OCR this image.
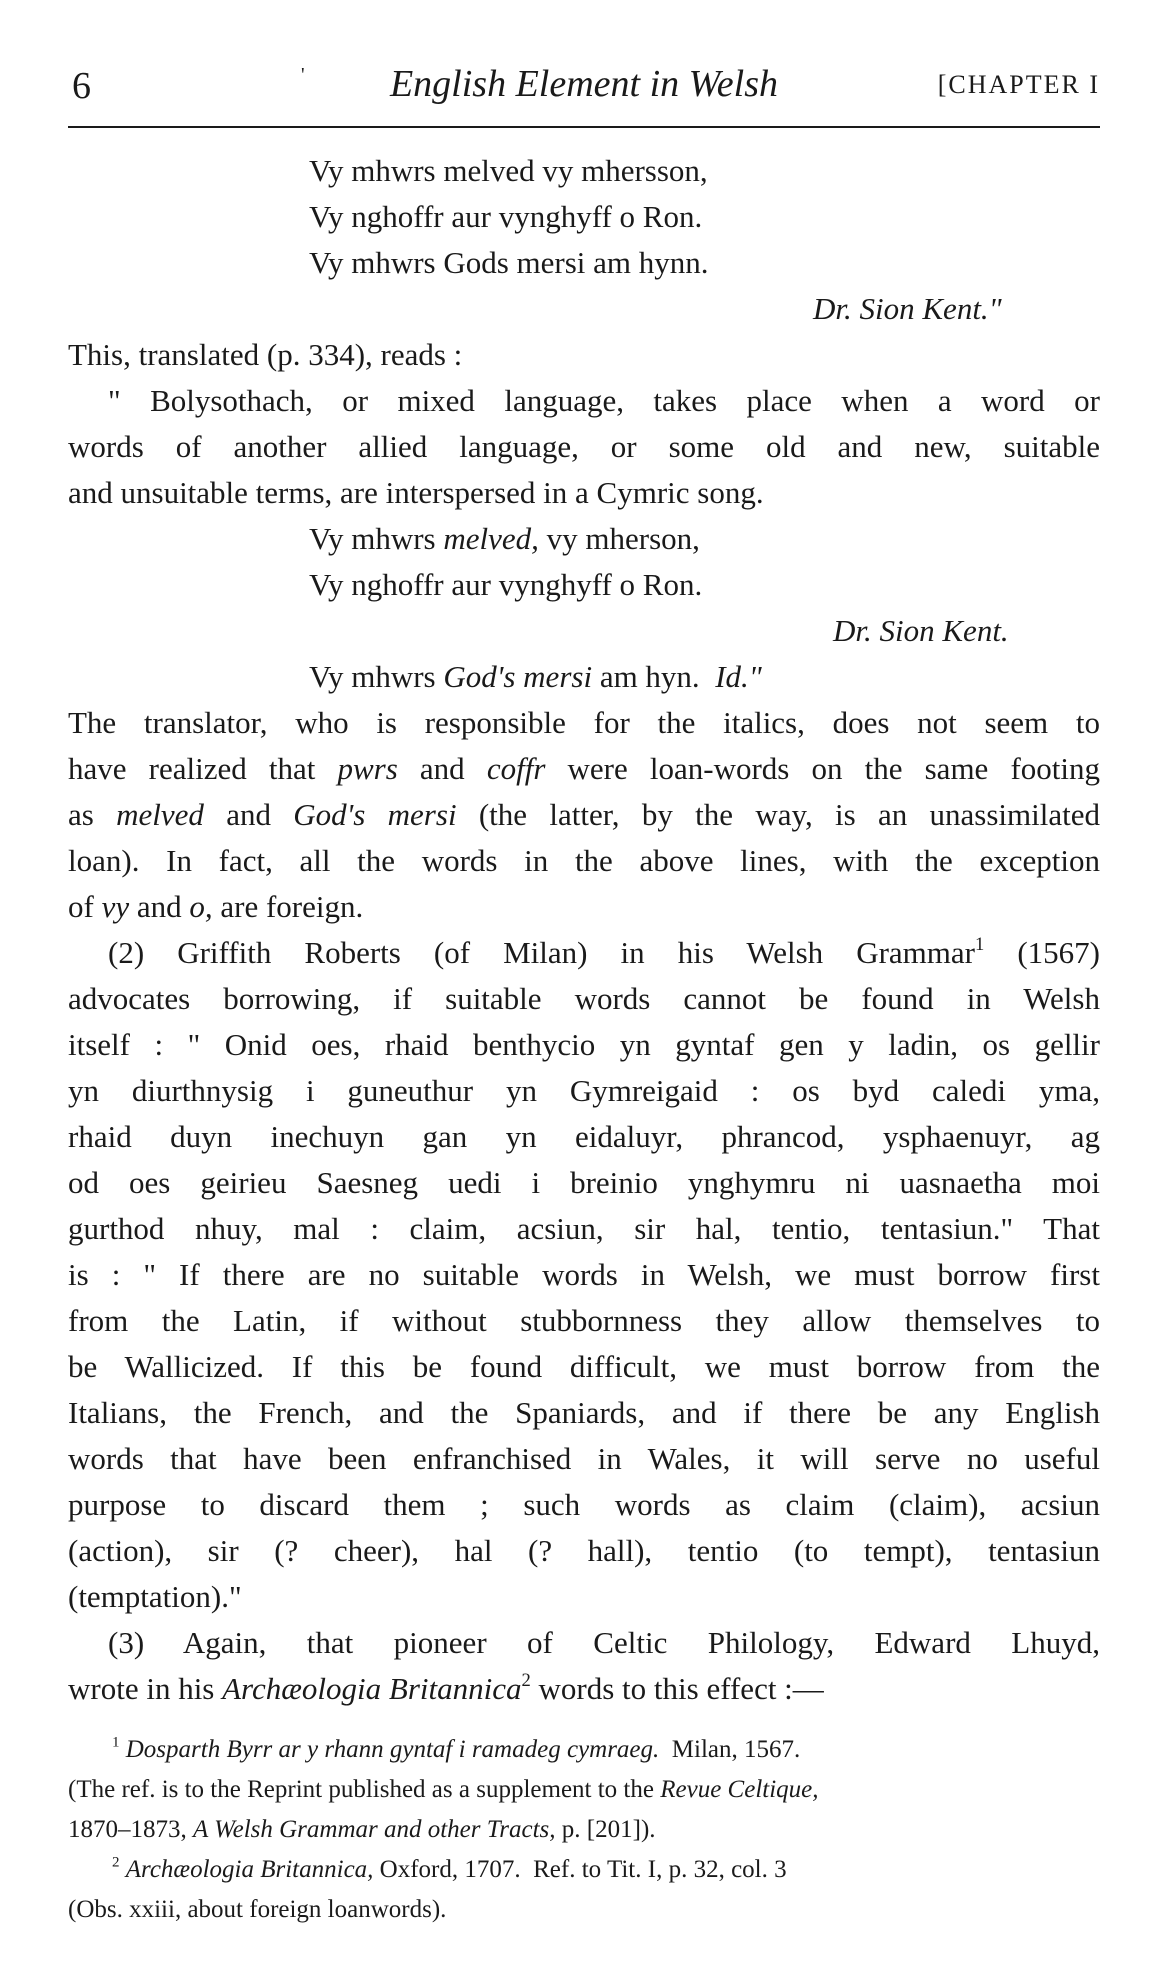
6	'	English Element in Welsh	[CHAPTER I
Vy mhwrs melved vy mhersson,
Vy nghoffr aur vynghyff o Ron.
Vy mhwrs Gods mersi am hynn.
Dr. Sion Kent."
This, translated (p. 334), reads :
" Bolysothach, or mixed language, takes place when a word or
words of another allied language, or some old and new, suitable
and unsuitable terms, are interspersed in a Cymric song.
Vy mhwrs melved, vy mherson,
Vy nghoffr aur vynghyff o Ron.
Dr. Sion Kent.
Vy mhwrs God's mersi am hyn.  Id."
The translator, who is responsible for the italics, does not seem to
have realized that pwrs and coffr were loan-words on the same footing
as melved and God's mersi (the latter, by the way, is an unassimilated
loan). In fact, all the words in the above lines, with the exception
of vy and o, are foreign.
(2) Griffith Roberts (of Milan) in his Welsh Grammar$^1$ (1567)
advocates borrowing, if suitable words cannot be found in Welsh
itself : " Onid oes, rhaid benthycio yn gyntaf gen y ladin, os gellir
yn diurthnysig i guneuthur yn Gymreigaid : os byd caledi yma,
rhaid duyn inechuyn gan yn eidaluyr, phrancod, ysphaenuyr, ag
od oes geirieu Saesneg uedi i breinio ynghymru ni uasnaetha moi
gurthod nhuy, mal : claim, acsiun, sir hal, tentio, tentasiun." That
is : " If there are no suitable words in Welsh, we must borrow first
from the Latin, if without stubbornness they allow themselves to
be Wallicized. If this be found difficult, we must borrow from the
Italians, the French, and the Spaniards, and if there be any English
words that have been enfranchised in Wales, it will serve no useful
purpose to discard them ; such words as claim (claim), acsiun
(action), sir (? cheer), hal (? hall), tentio (to tempt), tentasiun
(temptation)."
(3) Again, that pioneer of Celtic Philology, Edward Lhuyd,
wrote in his Archæologia Britannica$^2$ words to this effect :—
$^1$ Dosparth Byrr ar y rhann gyntaf i ramadeg cymraeg.  Milan, 1567.
(The ref. is to the Reprint published as a supplement to the Revue Celtique,
1870–1873, A Welsh Grammar and other Tracts, p. [201]).
$^2$ Archæologia Britannica, Oxford, 1707.  Ref. to Tit. I, p. 32, col. 3
(Obs. xxiii, about foreign loanwords).
